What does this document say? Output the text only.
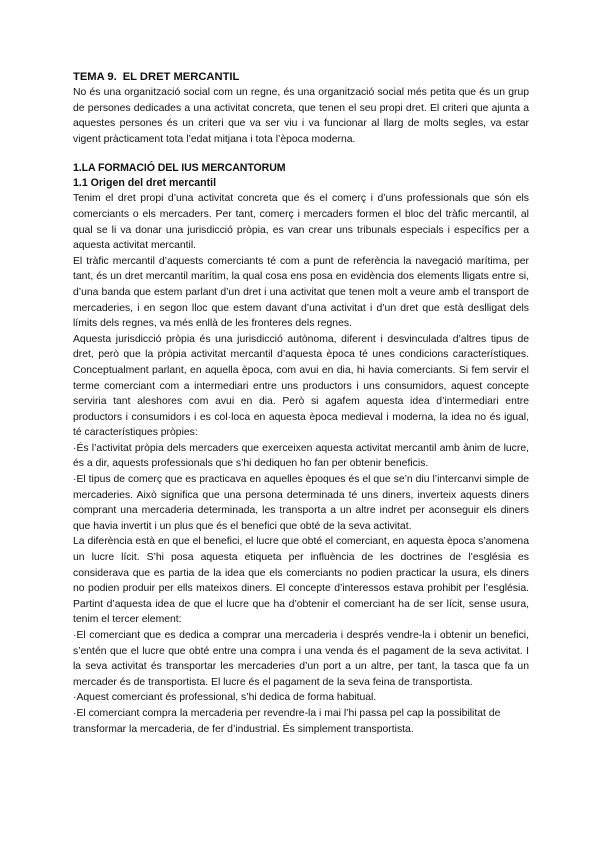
TEMA 9. EL DRET MERCANTIL

No és una organització social com un regne, és una organització social més petita que és un grup de persones dedicades a una activitat concreta, que tenen el seu propi dret. El criteri que ajunta a aquestes persones és un criteri que va ser viu i va funcionar al llarg de molts segles, va estar vigent pràcticament tota l’edat mitjana i tota l’època moderna.

1.LA FORMACIÓ DEL IUS MERCANTORUM

1.1 Origen del dret mercantil

Tenim el dret propi d’una activitat concreta que és el comerç i d’uns professionals que són els comerciants o els mercaders. Per tant, comerç i mercaders formen el bloc del tràfic mercantil, al qual se li va donar una jurisdicció pròpia, es van crear uns tribunals especials i específics per a aquesta activitat mercantil.

El tràfic mercantil d’aquests comerciants té com a punt de referència la navegació marítima, per tant, és un dret mercantil marítim, la qual cosa ens posa en evidència dos elements lligats entre si, d’una banda que estem parlant d’un dret i una activitat que tenen molt a veure amb el transport de mercaderies, i en segon lloc que estem davant d’una activitat i d’un dret que està deslligat dels límits dels regnes, va més enllà de les fronteres dels regnes.

Aquesta jurisdicció pròpia és una jurisdicció autònoma, diferent i desvinculada d’altres tipus de dret, però que la pròpia activitat mercantil d’aquesta època té unes condicions característiques. Conceptualment parlant, en aquella època, com avui en dia, hi havia comerciants. Si fem servir el terme comerciant com a intermediari entre uns productors i uns consumidors, aquest concepte serviria tant aleshores com avui en dia. Però si agafem aquesta idea d’intermediari entre productors i consumidors i es col·loca en aquesta època medieval i moderna, la idea no és igual, té característiques pròpies:

·És l’activitat pròpia dels mercaders que exerceixen aquesta activitat mercantil amb ànim de lucre, és a dir, aquests professionals que s’hi dediquen ho fan per obtenir beneficis.

·El tipus de comerç que es practicava en aquelles èpoques és el que se’n diu l’intercanvi simple de mercaderies. Això significa que una persona determinada té uns diners, inverteix aquests diners comprant una mercaderia determinada, les transporta a un altre indret per aconseguir els diners que havia invertit i un plus que és el benefici que obté de la seva activitat.

La diferència està en que el benefici, el lucre que obté el comerciant, en aquesta època s’anomena un lucre lícit. S’hi posa aquesta etiqueta per influència de les doctrines de l’església es considerava que es partia de la idea que els comerciants no podien practicar la usura, els diners no podien produir per ells mateixos diners. El concepte d’interessos estava prohibit per l’església. Partint d’aquesta idea de que el lucre que ha d’obtenir el comerciant ha de ser lícit, sense usura, tenim el tercer element:

·El comerciant que es dedica a comprar una mercaderia i després vendre-la i obtenir un benefici, s’entén que el lucre que obté entre una compra i una venda és el pagament de la seva activitat. I la seva activitat és transportar les mercaderies d’un port a un altre, per tant, la tasca que fa un mercader és de transportista. El lucre és el pagament de la seva feina de transportista.

·Aquest comerciant és professional, s’hi dedica de forma habitual.

·El comerciant compra la mercaderia per revendre-la i mai l’hi passa pel cap la possibilitat de transformar la mercaderia, de fer d’industrial. És simplement transportista.
